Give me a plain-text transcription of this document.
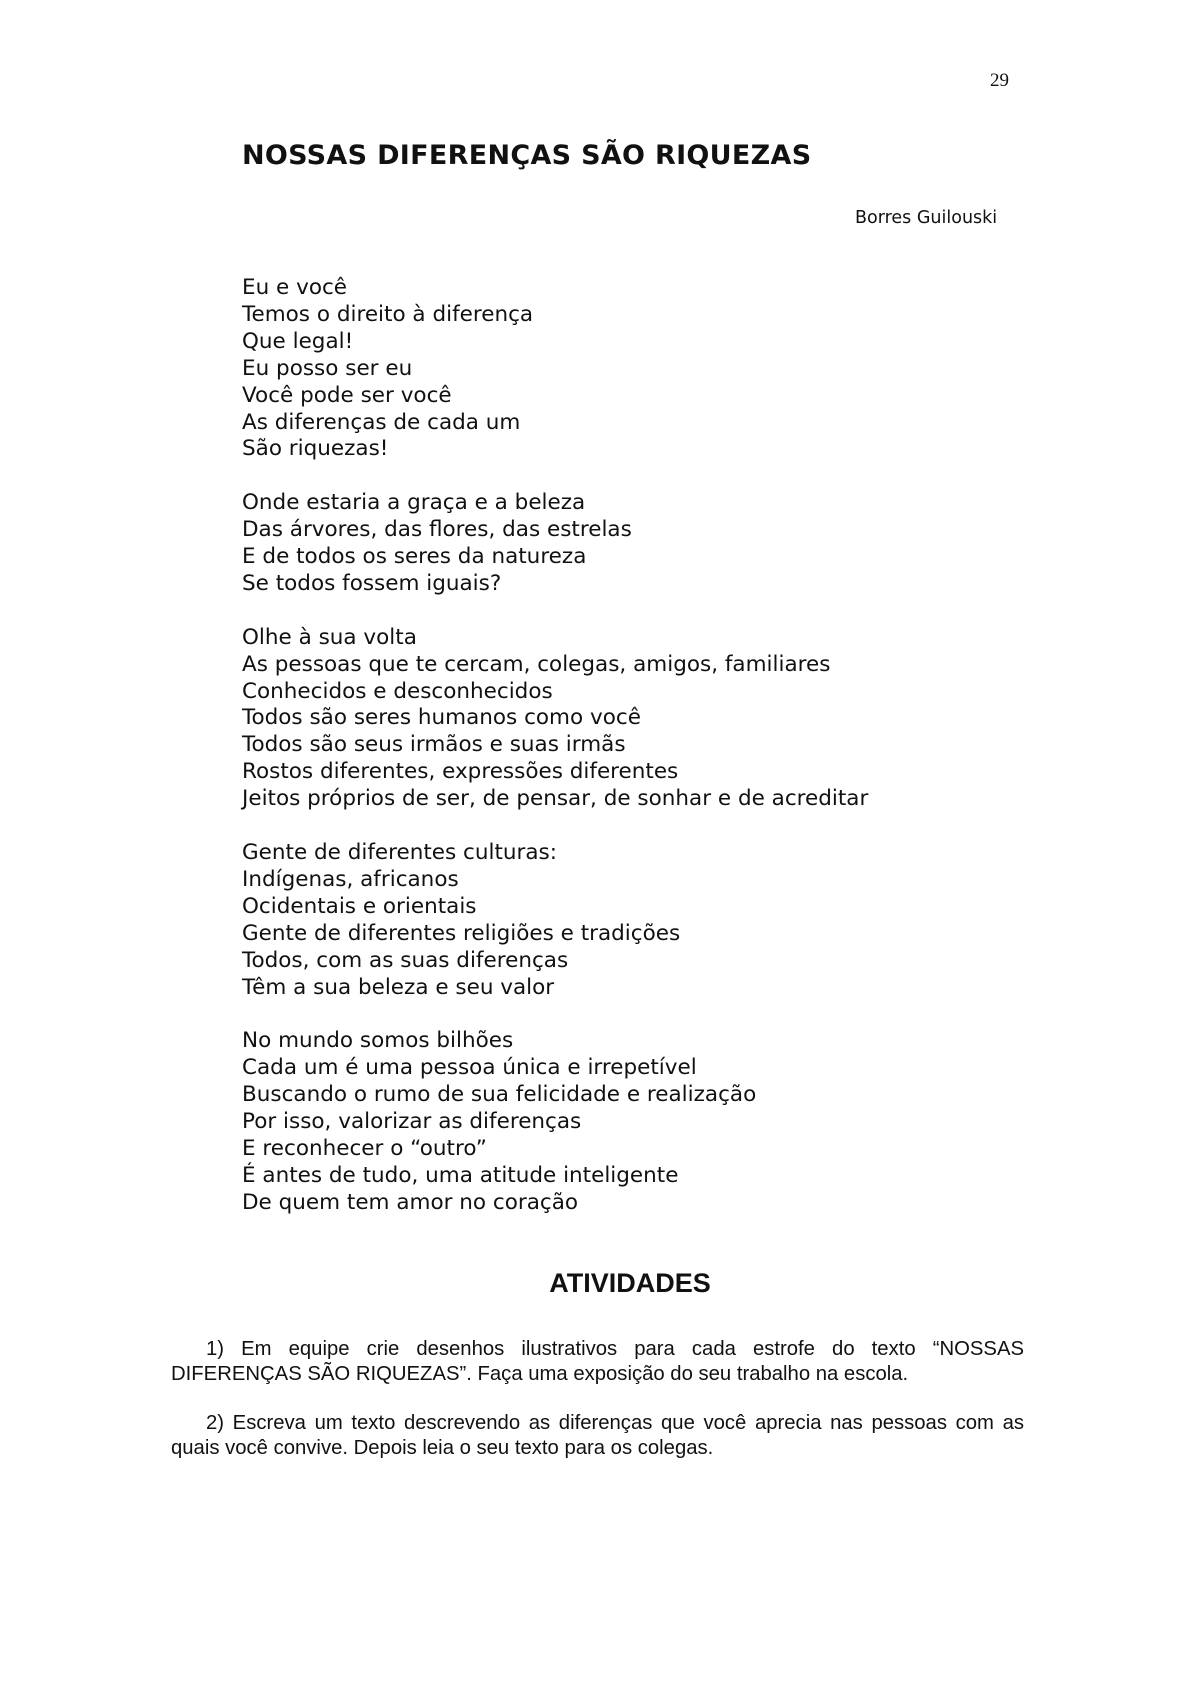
29
NOSSAS DIFERENÇAS SÃO RIQUEZAS
Borres Guilouski
Eu e você
Temos o direito à diferença
Que legal!
Eu posso ser eu
Você pode ser você
As diferenças de cada um
São riquezas!
Onde estaria a graça e a beleza
Das árvores, das flores, das estrelas
E de todos os seres da natureza
Se todos fossem iguais?
Olhe à sua volta
As pessoas que te cercam, colegas, amigos, familiares
Conhecidos e desconhecidos
Todos são seres humanos como você
Todos são seus irmãos e suas irmãs
Rostos diferentes, expressões diferentes
Jeitos próprios de ser, de pensar, de sonhar e de acreditar
Gente de diferentes culturas:
Indígenas, africanos
Ocidentais e orientais
Gente de diferentes religiões e tradições
Todos, com as suas diferenças
Têm a sua beleza e seu valor
No mundo somos bilhões
Cada um é uma pessoa única e irrepetível
Buscando o rumo de sua felicidade e realização
Por isso, valorizar as diferenças
E reconhecer o “outro”
É antes de tudo, uma atitude inteligente
De quem tem amor no coração
ATIVIDADES

1) Em equipe crie desenhos ilustrativos para cada estrofe do texto “NOSSAS DIFERENÇAS SÃO RIQUEZAS”. Faça uma exposição do seu trabalho na escola.

2) Escreva um texto descrevendo as diferenças que você aprecia nas pessoas com as quais você convive. Depois leia o seu texto para os colegas.
